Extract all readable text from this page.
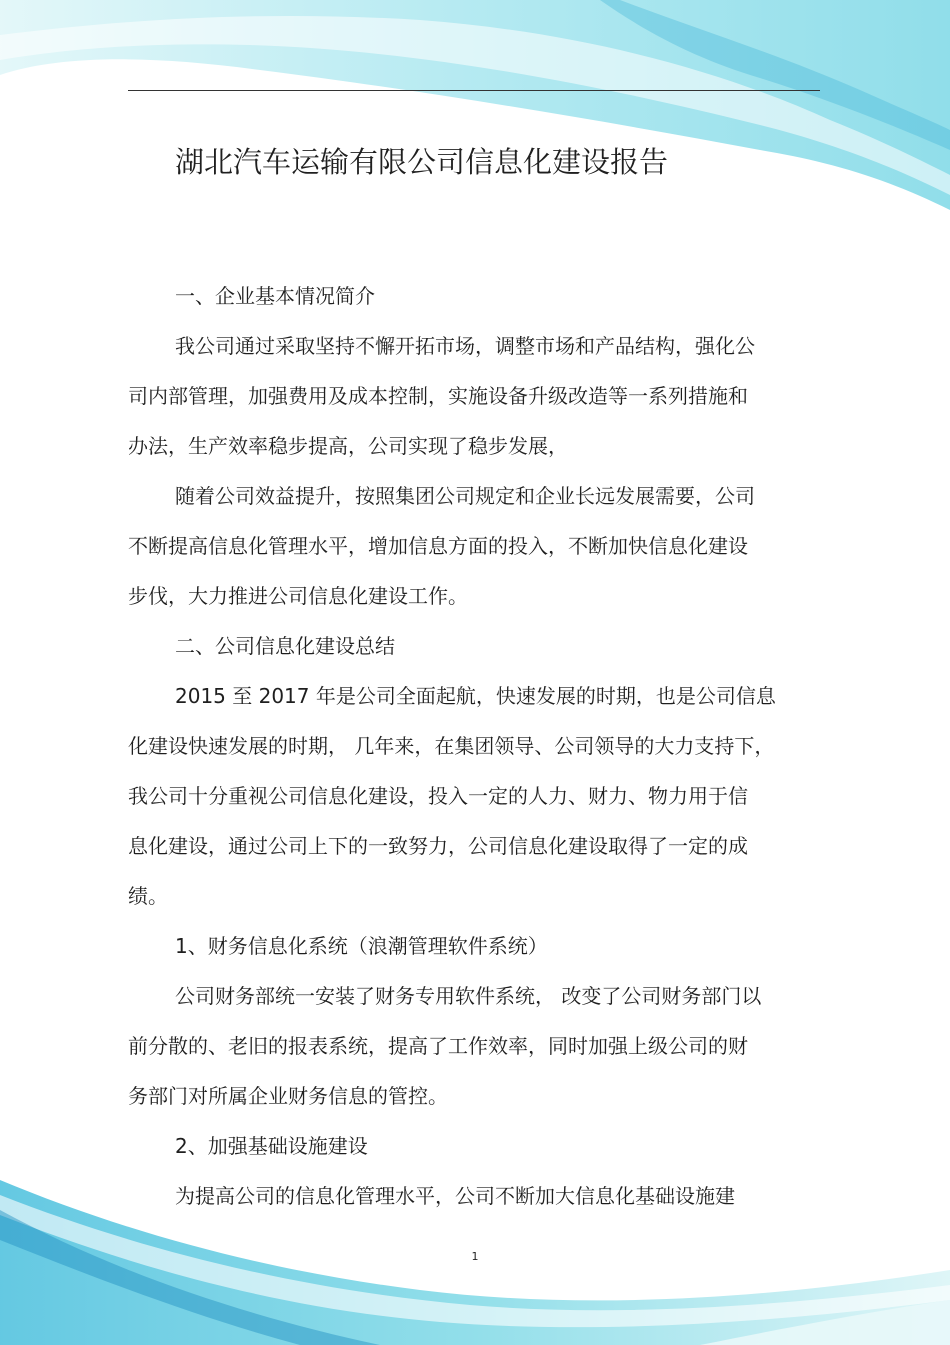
湖北汽车运输有限公司信息化建设报告
一、企业基本情况简介
我公司通过采取坚持不懈开拓市场，调整市场和产品结构，强化公
司内部管理，加强费用及成本控制，实施设备升级改造等一系列措施和
办法，生产效率稳步提高，公司实现了稳步发展，
随着公司效益提升，按照集团公司规定和企业长远发展需要，公司
不断提高信息化管理水平，增加信息方面的投入，不断加快信息化建设
步伐，大力推进公司信息化建设工作。
二、公司信息化建设总结
2015 至 2017 年是公司全面起航，快速发展的时期，也是公司信息
化建设快速发展的时期， 几年来，在集团领导、公司领导的大力支持下，
我公司十分重视公司信息化建设，投入一定的人力、财力、物力用于信
息化建设，通过公司上下的一致努力，公司信息化建设取得了一定的成
绩。
1、财务信息化系统（浪潮管理软件系统）
公司财务部统一安装了财务专用软件系统， 改变了公司财务部门以
前分散的、老旧的报表系统，提高了工作效率，同时加强上级公司的财
务部门对所属企业财务信息的管控。
2、加强基础设施建设
为提高公司的信息化管理水平，公司不断加大信息化基础设施建
1
